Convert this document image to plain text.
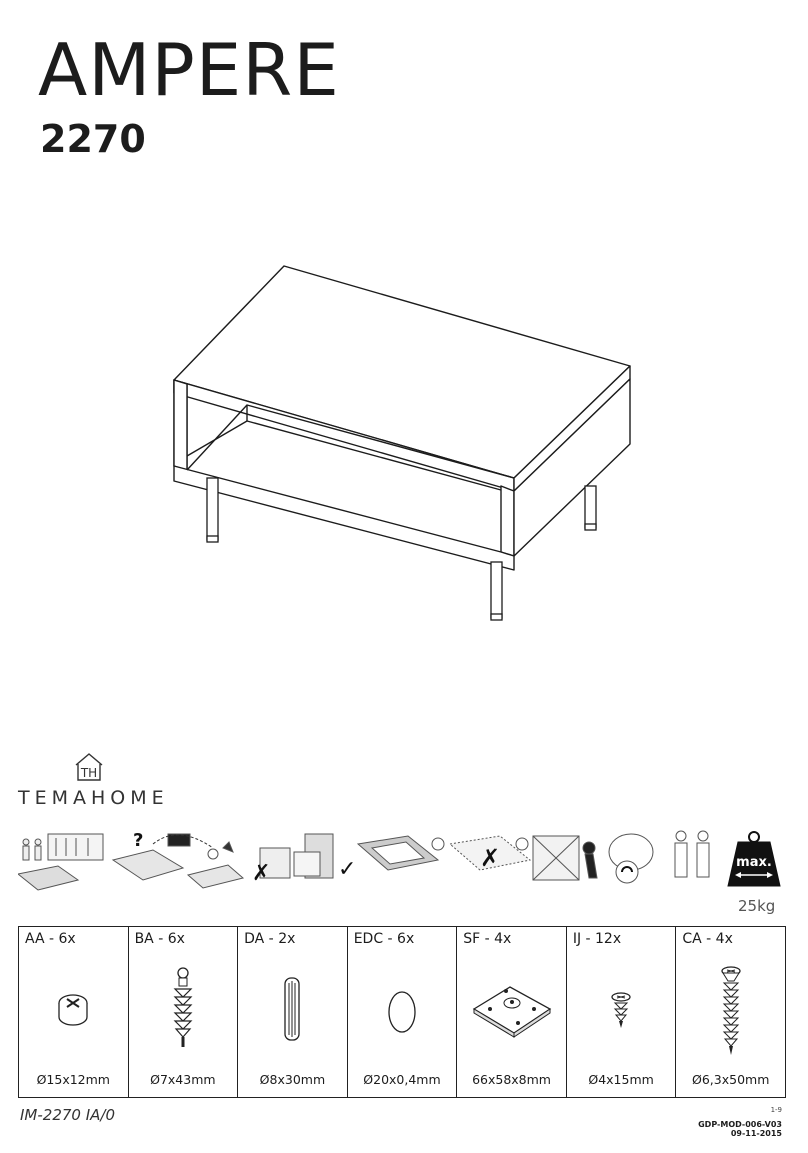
AMPERE
2270
TH
TEMAHOME
?
✗	✓	✗	max.
25kg
AA - 6x
Ø15x12mm

BA - 6x
Ø7x43mm

DA - 2x
Ø8x30mm

EDC - 6x
Ø20x0,4mm

SF - 4x
66x58x8mm

IJ - 12x
Ø4x15mm

CA - 4x
Ø6,3x50mm
IM-2270 IA/0	1-9
GDP-MOD-006-V03
09-11-2015
